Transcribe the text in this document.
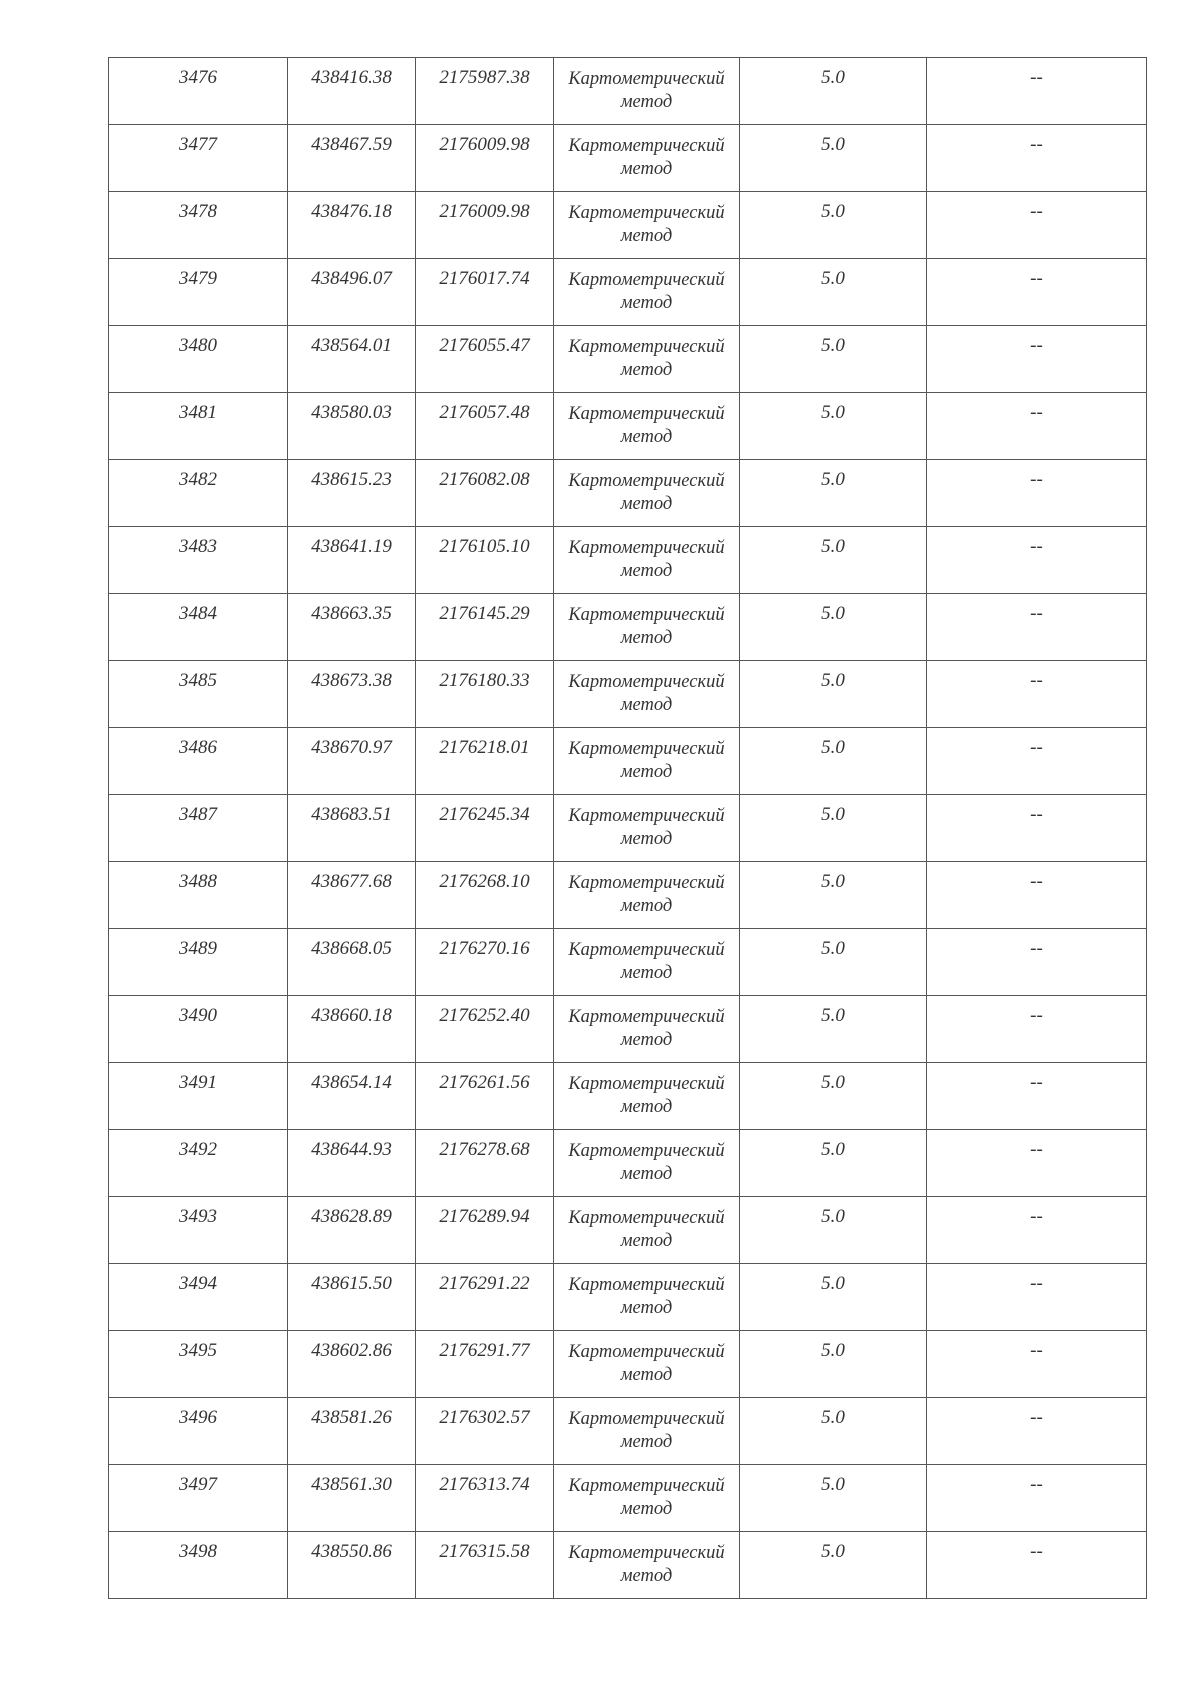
3476	438416.38	2175987.38	Картометрический метод	5.0	--

3477	438467.59	2176009.98	Картометрический метод	5.0	--

3478	438476.18	2176009.98	Картометрический метод	5.0	--

3479	438496.07	2176017.74	Картометрический метод	5.0	--

3480	438564.01	2176055.47	Картометрический метод	5.0	--

3481	438580.03	2176057.48	Картометрический метод	5.0	--

3482	438615.23	2176082.08	Картометрический метод	5.0	--

3483	438641.19	2176105.10	Картометрический метод	5.0	--

3484	438663.35	2176145.29	Картометрический метод	5.0	--

3485	438673.38	2176180.33	Картометрический метод	5.0	--

3486	438670.97	2176218.01	Картометрический метод	5.0	--

3487	438683.51	2176245.34	Картометрический метод	5.0	--

3488	438677.68	2176268.10	Картометрический метод	5.0	--

3489	438668.05	2176270.16	Картометрический метод	5.0	--

3490	438660.18	2176252.40	Картометрический метод	5.0	--

3491	438654.14	2176261.56	Картометрический метод	5.0	--

3492	438644.93	2176278.68	Картометрический метод	5.0	--

3493	438628.89	2176289.94	Картометрический метод	5.0	--

3494	438615.50	2176291.22	Картометрический метод	5.0	--

3495	438602.86	2176291.77	Картометрический метод	5.0	--

3496	438581.26	2176302.57	Картометрический метод	5.0	--

3497	438561.30	2176313.74	Картометрический метод	5.0	--

3498	438550.86	2176315.58	Картометрический метод	5.0	--
